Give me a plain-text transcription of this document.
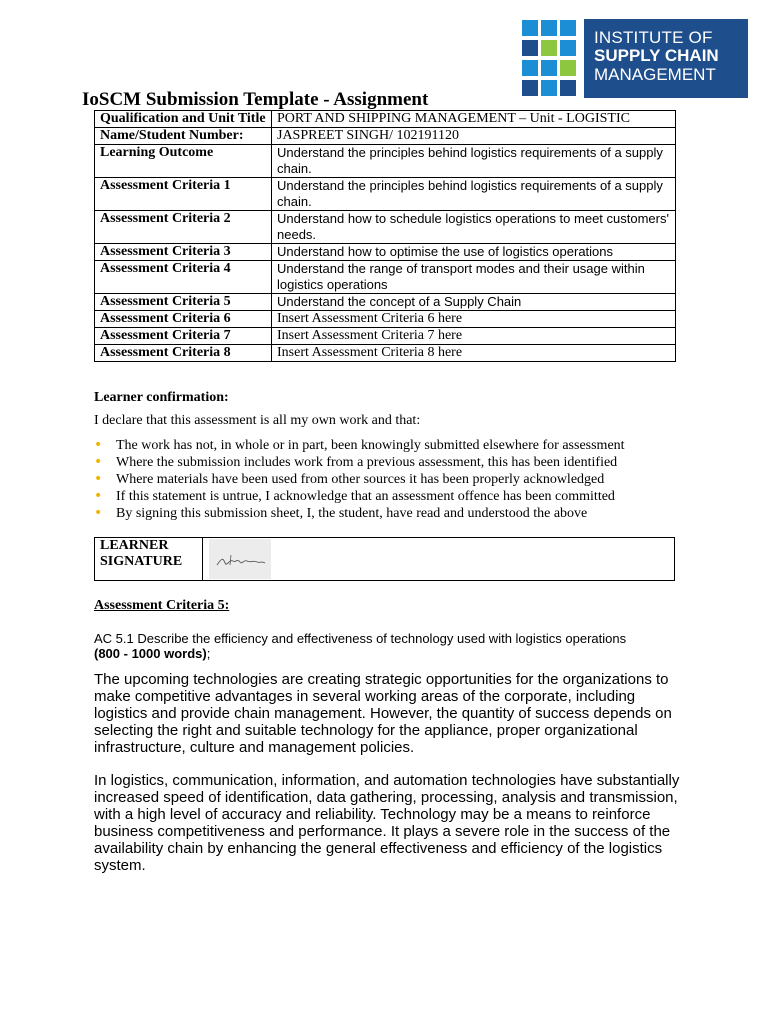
INSTITUTE OF
SUPPLY CHAIN
MANAGEMENT
IoSCM Submission Template - Assignment
Qualification and Unit Title	PORT AND SHIPPING MANAGEMENT – Unit - LOGISTIC
Name/Student Number:	JASPREET SINGH/ 102191120
Learning Outcome	Understand the principles behind logistics requirements of a supply chain.
Assessment Criteria 1	Understand the principles behind logistics requirements of a supply chain.
Assessment Criteria 2	Understand how to schedule logistics operations to meet customers' needs.
Assessment Criteria 3	Understand how to optimise the use of logistics operations
Assessment Criteria 4	Understand the range of transport modes and their usage within logistics operations
Assessment Criteria 5	Understand the concept of a Supply Chain
Assessment Criteria 6	Insert Assessment Criteria 6 here
Assessment Criteria 7	Insert Assessment Criteria 7 here
Assessment Criteria 8	Insert Assessment Criteria 8 here
Learner confirmation:
I declare that this assessment is all my own work and that:
• The work has not, in whole or in part, been knowingly submitted elsewhere for assessment
• Where the submission includes work from a previous assessment, this has been identified
• Where materials have been used from other sources it has been properly acknowledged
• If this statement is untrue, I acknowledge that an assessment offence has been committed
• By signing this submission sheet, I, the student, have read and understood the above
LEARNER SIGNATURE	
Assessment Criteria 5:
AC 5.1 Describe the efficiency and effectiveness of technology used with logistics operations (800 - 1000 words);
The upcoming technologies are creating strategic opportunities for the organizations to make competitive advantages in several working areas of the corporate, including logistics and provide chain management. However, the quantity of success depends on selecting the right and suitable technology for the appliance, proper organizational infrastructure, culture and management policies.
In logistics, communication, information, and automation technologies have substantially increased speed of identification, data gathering, processing, analysis and transmission, with a high level of accuracy and reliability. Technology may be a means to reinforce business competitiveness and performance. It plays a severe role in the success of the availability chain by enhancing the general effectiveness and efficiency of the logistics system.
